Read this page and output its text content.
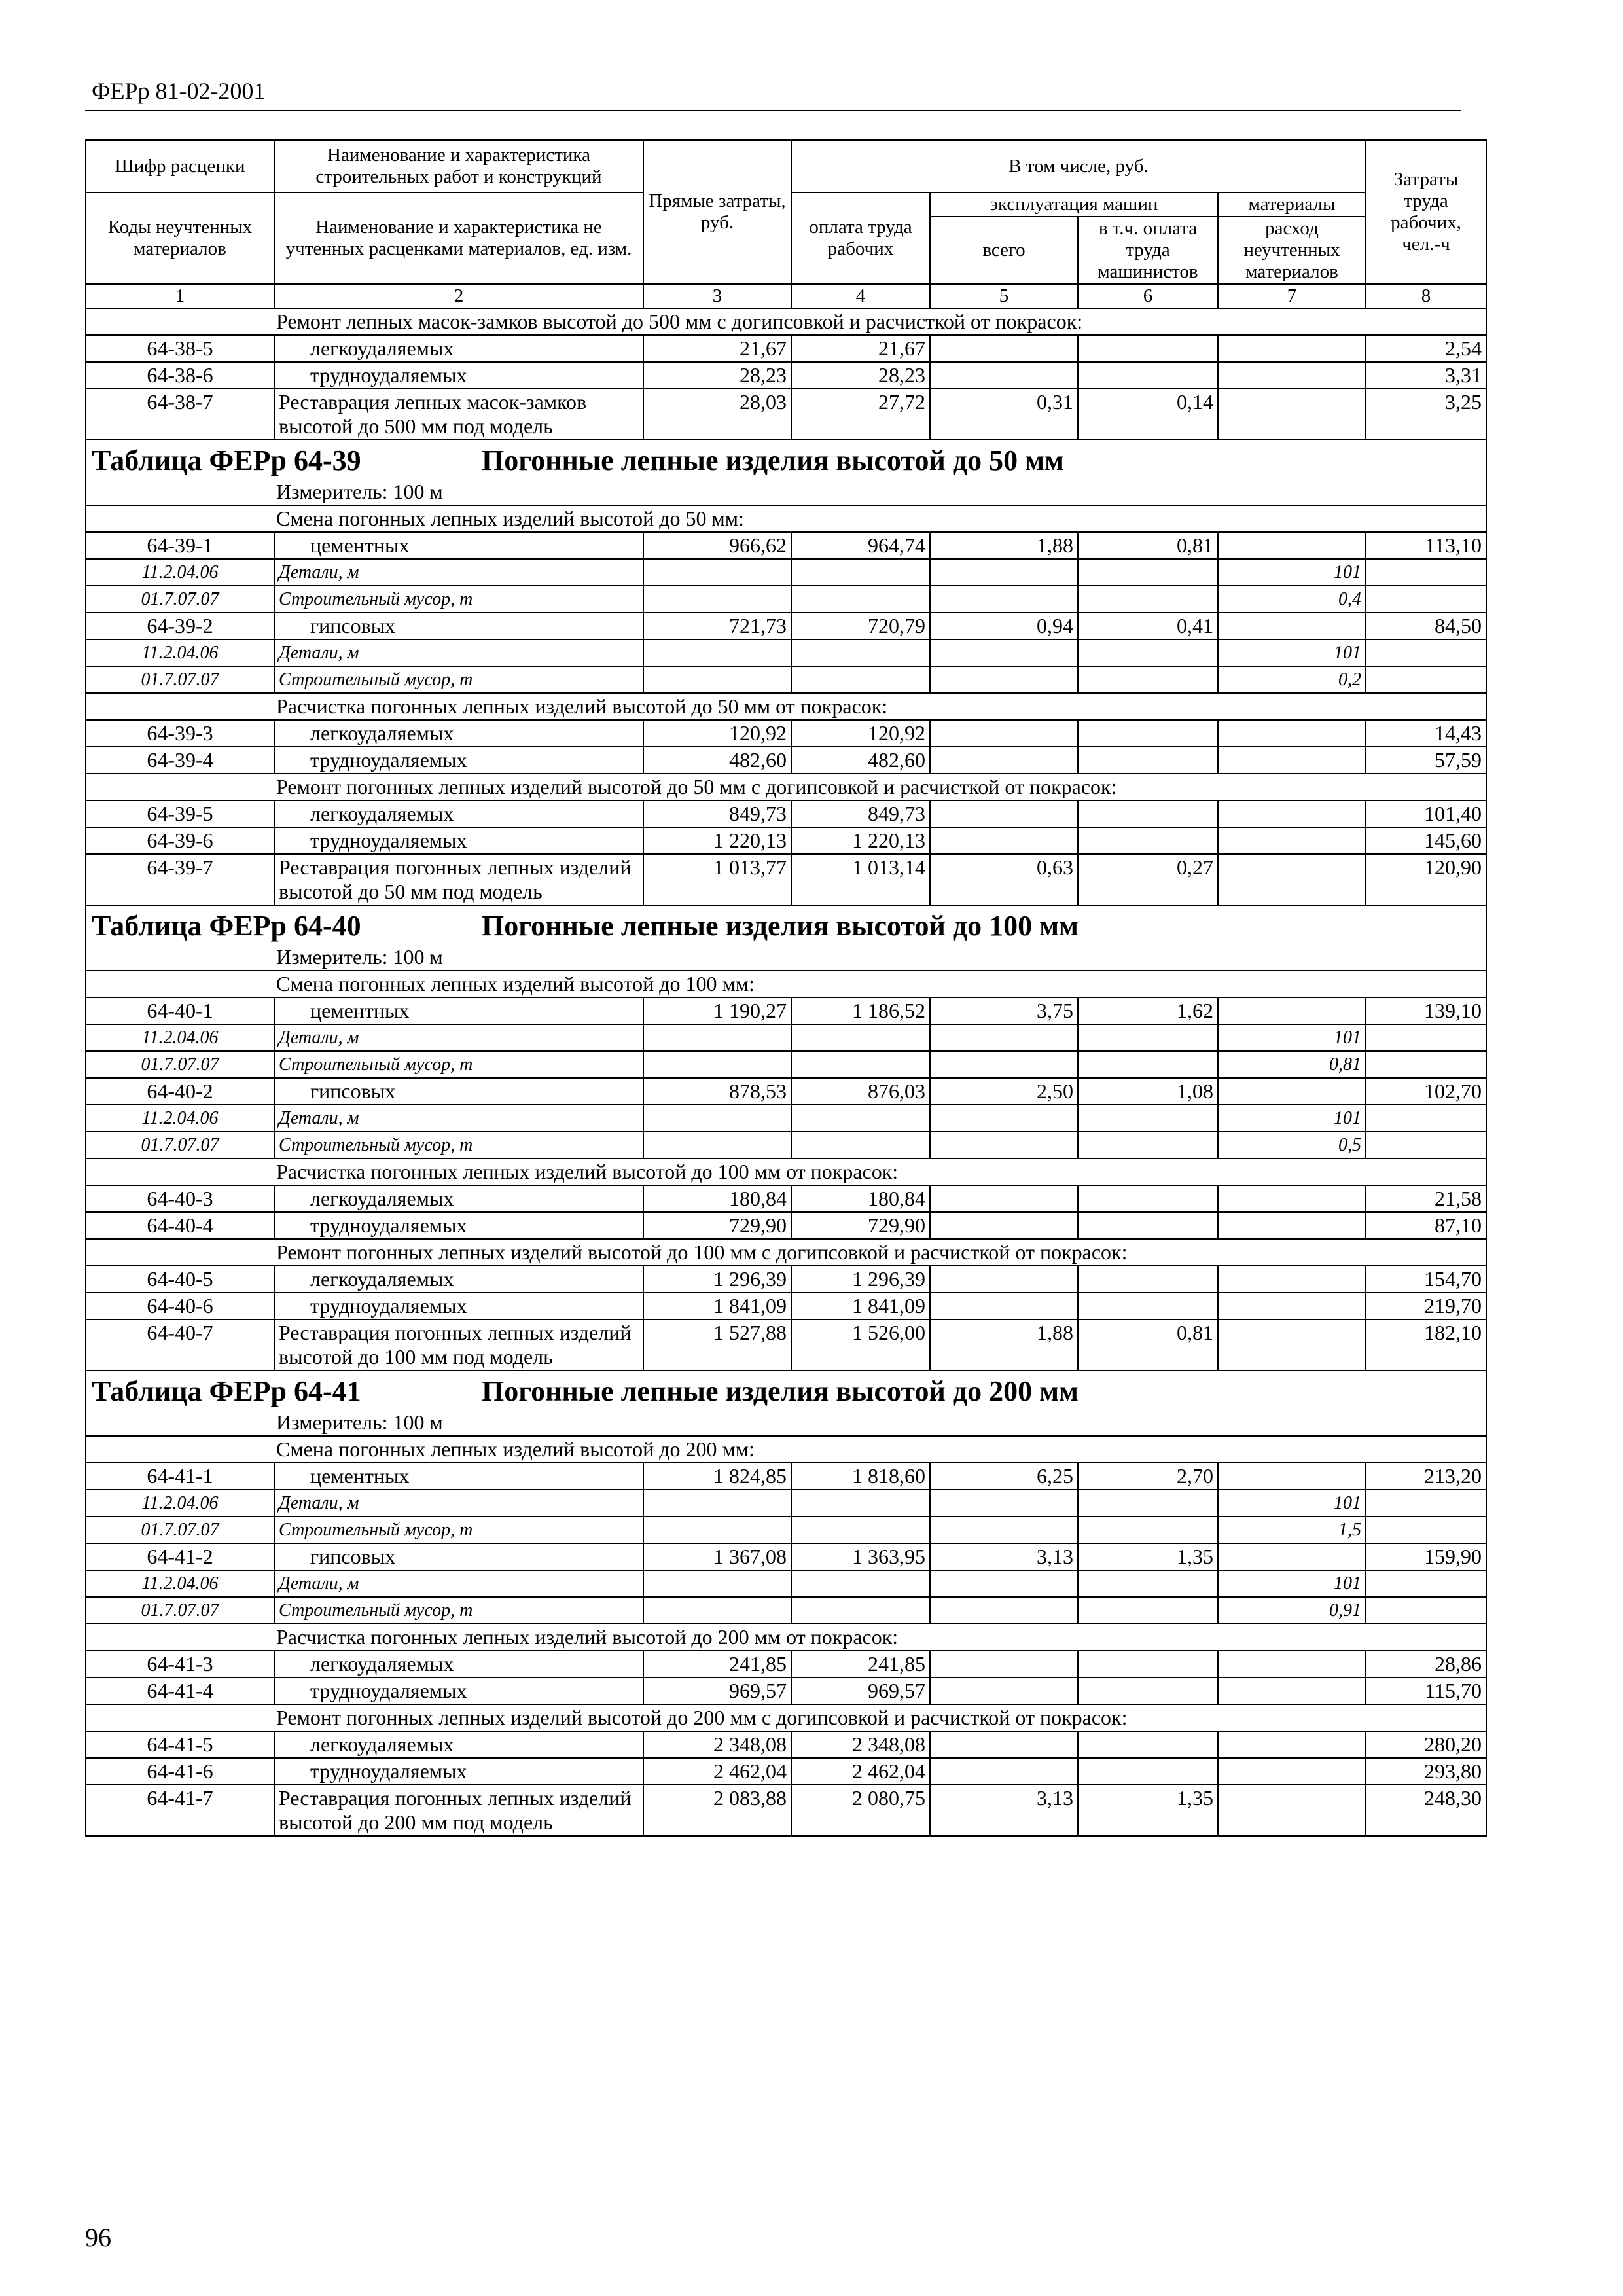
ФЕРр 81-02-2001
Шифр расценки	Наименование и характеристика строительных работ и конструкций	Прямые затраты, руб.	В том числе, руб.				Затраты труда рабочих, чел.-ч
Коды неучтенных материалов	Наименование и характеристика не учтенных расценками материалов, ед. изм.		оплата труда рабочих	эксплуатация машин		материалы	
				всего	в т.ч. оплата труда машинистов	расход неучтенных материалов	
1	2	3	4	5	6	7	8
Ремонт лепных масок-замков высотой до 500 мм с догипсовкой и расчисткой от покрасок:							
64-38-5	легкоудаляемых	21,67	21,67				2,54
64-38-6	трудноудаляемых	28,23	28,23				3,31
64-38-7	Реставрация лепных масок-замков высотой до 500 мм под модель	28,03	27,72	0,31	0,14		3,25
Таблица ФЕРр 64-39 Погонные лепные изделия высотой до 50 мм							
Измеритель: 100 м							
Смена погонных лепных изделий высотой до 50 мм:							
64-39-1	цементных	966,62	964,74	1,88	0,81		113,10
11.2.04.06	Детали, м					101	
01.7.07.07	Строительный мусор, т					0,4	
64-39-2	гипсовых	721,73	720,79	0,94	0,41		84,50
11.2.04.06	Детали, м					101	
01.7.07.07	Строительный мусор, т					0,2	
Расчистка погонных лепных изделий высотой до 50 мм от покрасок:							
64-39-3	легкоудаляемых	120,92	120,92				14,43
64-39-4	трудноудаляемых	482,60	482,60				57,59
Ремонт погонных лепных изделий высотой до 50 мм с догипсовкой и расчисткой от покрасок:							
64-39-5	легкоудаляемых	849,73	849,73				101,40
64-39-6	трудноудаляемых	1 220,13	1 220,13				145,60
64-39-7	Реставрация погонных лепных изделий высотой до 50 мм под модель	1 013,77	1 013,14	0,63	0,27		120,90
Таблица ФЕРр 64-40 Погонные лепные изделия высотой до 100 мм							
Измеритель: 100 м							
Смена погонных лепных изделий высотой до 100 мм:							
64-40-1	цементных	1 190,27	1 186,52	3,75	1,62		139,10
11.2.04.06	Детали, м					101	
01.7.07.07	Строительный мусор, т					0,81	
64-40-2	гипсовых	878,53	876,03	2,50	1,08		102,70
11.2.04.06	Детали, м					101	
01.7.07.07	Строительный мусор, т					0,5	
Расчистка погонных лепных изделий высотой до 100 мм от покрасок:							
64-40-3	легкоудаляемых	180,84	180,84				21,58
64-40-4	трудноудаляемых	729,90	729,90				87,10
Ремонт погонных лепных изделий высотой до 100 мм с догипсовкой и расчисткой от покрасок:							
64-40-5	легкоудаляемых	1 296,39	1 296,39				154,70
64-40-6	трудноудаляемых	1 841,09	1 841,09				219,70
64-40-7	Реставрация погонных лепных изделий высотой до 100 мм под модель	1 527,88	1 526,00	1,88	0,81		182,10
Таблица ФЕРр 64-41 Погонные лепные изделия высотой до 200 мм							
Измеритель: 100 м							
Смена погонных лепных изделий высотой до 200 мм:							
64-41-1	цементных	1 824,85	1 818,60	6,25	2,70		213,20
11.2.04.06	Детали, м					101	
01.7.07.07	Строительный мусор, т					1,5	
64-41-2	гипсовых	1 367,08	1 363,95	3,13	1,35		159,90
11.2.04.06	Детали, м					101	
01.7.07.07	Строительный мусор, т					0,91	
Расчистка погонных лепных изделий высотой до 200 мм от покрасок:							
64-41-3	легкоудаляемых	241,85	241,85				28,86
64-41-4	трудноудаляемых	969,57	969,57				115,70
Ремонт погонных лепных изделий высотой до 200 мм с догипсовкой и расчисткой от покрасок:							
64-41-5	легкоудаляемых	2 348,08	2 348,08				280,20
64-41-6	трудноудаляемых	2 462,04	2 462,04				293,80
64-41-7	Реставрация погонных лепных изделий высотой до 200 мм под модель	2 083,88	2 080,75	3,13	1,35		248,30
96
